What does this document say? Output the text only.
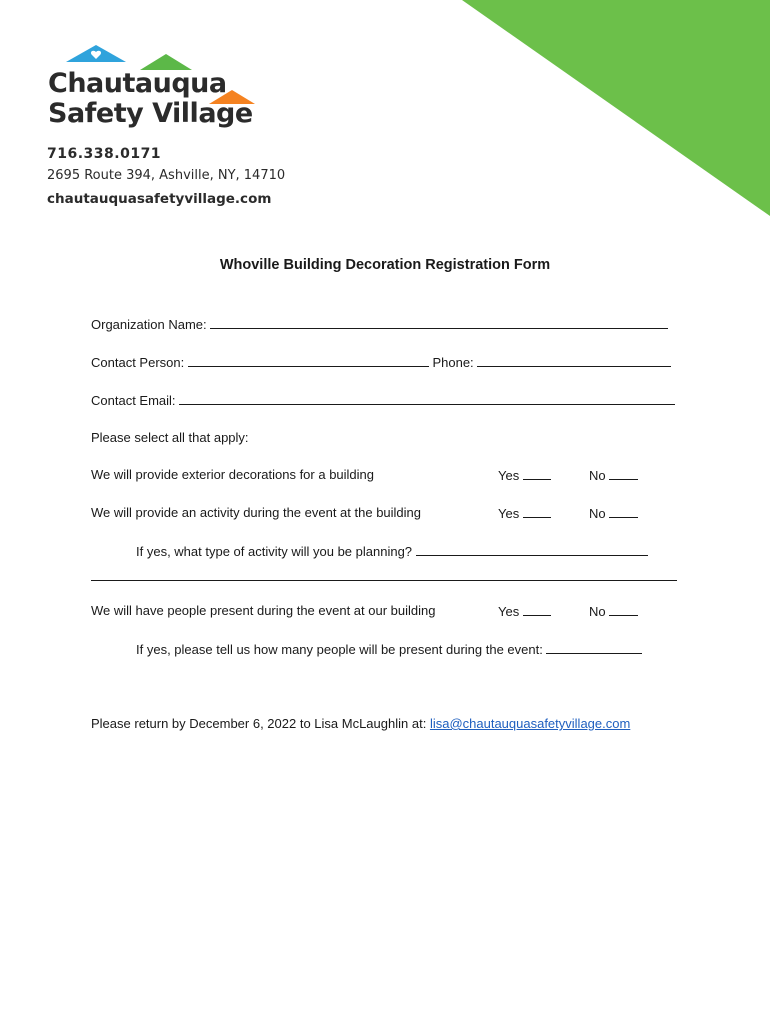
Chautauqua
Safety Village
716.338.0171
2695 Route 394, Ashville, NY, 14710
chautauquasafetyvillage.com
Whoville Building Decoration Registration Form
Organization Name:
Contact Person:	Phone:
Contact Email:
Please select all that apply:
We will provide exterior decorations for a building	Yes	No
We will provide an activity during the event at the building	Yes	No
If yes, what type of activity will you be planning?
We will have people present during the event at our building	Yes	No
If yes, please tell us how many people will be present during the event:
Please return by December 6, 2022 to Lisa McLaughlin at: lisa@chautauquasafetyvillage.com
